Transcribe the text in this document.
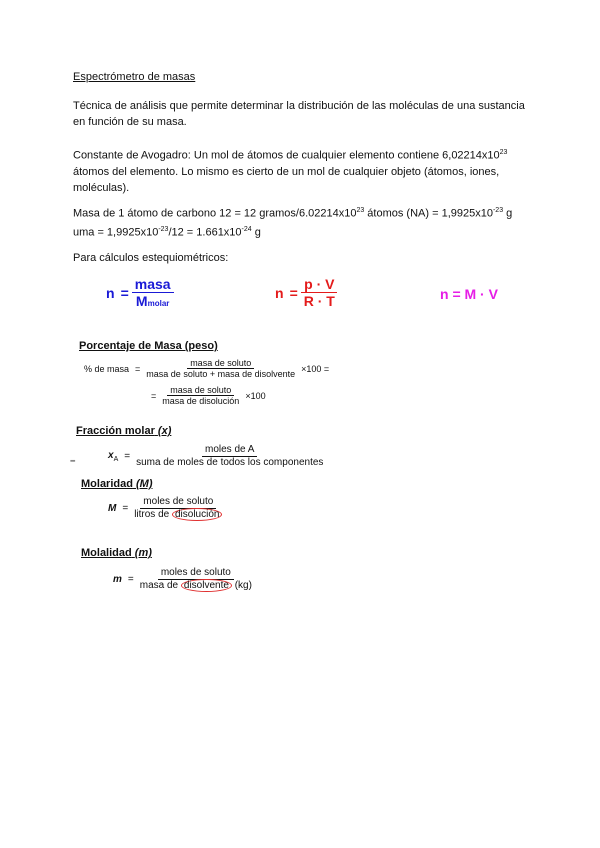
Espectrómetro de masas

Técnica de análisis que permite determinar la distribución de las moléculas de una sustancia en función de su masa.

Constante de Avogadro: Un mol de átomos de cualquier elemento contiene $6,02214x10^{23}$ átomos del elemento. Lo mismo es cierto de un mol de cualquier objeto (átomos, iones, moléculas).

Masa de 1 átomo de carbono 12 = 12 gramos/$6.02214x10^{23}$ átomos $(NA) = 1,9925x10^{-23}$ g
uma = $1,9925x10^{-23}/12 = 1.661x10^{-24}$ g

Para cálculos estequiométricos:

$n = \frac{\text{masa}}{\text{Mmolar}}$	$n = \frac{p \cdot V}{R \cdot T}$	n = M · V

Porcentaje de Masa (peso)

% de masa = $\frac{\text{masa de soluto}}{\text{masa de soluto + masa de disolvente}} \times 100$ =
= $\frac{\text{masa de soluto}}{\text{masa de disolución}} \times 100$

Fracción molar (x)

▪▪▪
$x_A = \frac{\text{moles de A}}{\text{suma de moles de todos los componentes}}$

Molaridad (M)

$M = \frac{\text{moles de soluto}}{\text{litros de disolución}}$

Molalidad (m)

$m = \frac{\text{moles de soluto}}{\text{masa de disolvente (kg)}}$
